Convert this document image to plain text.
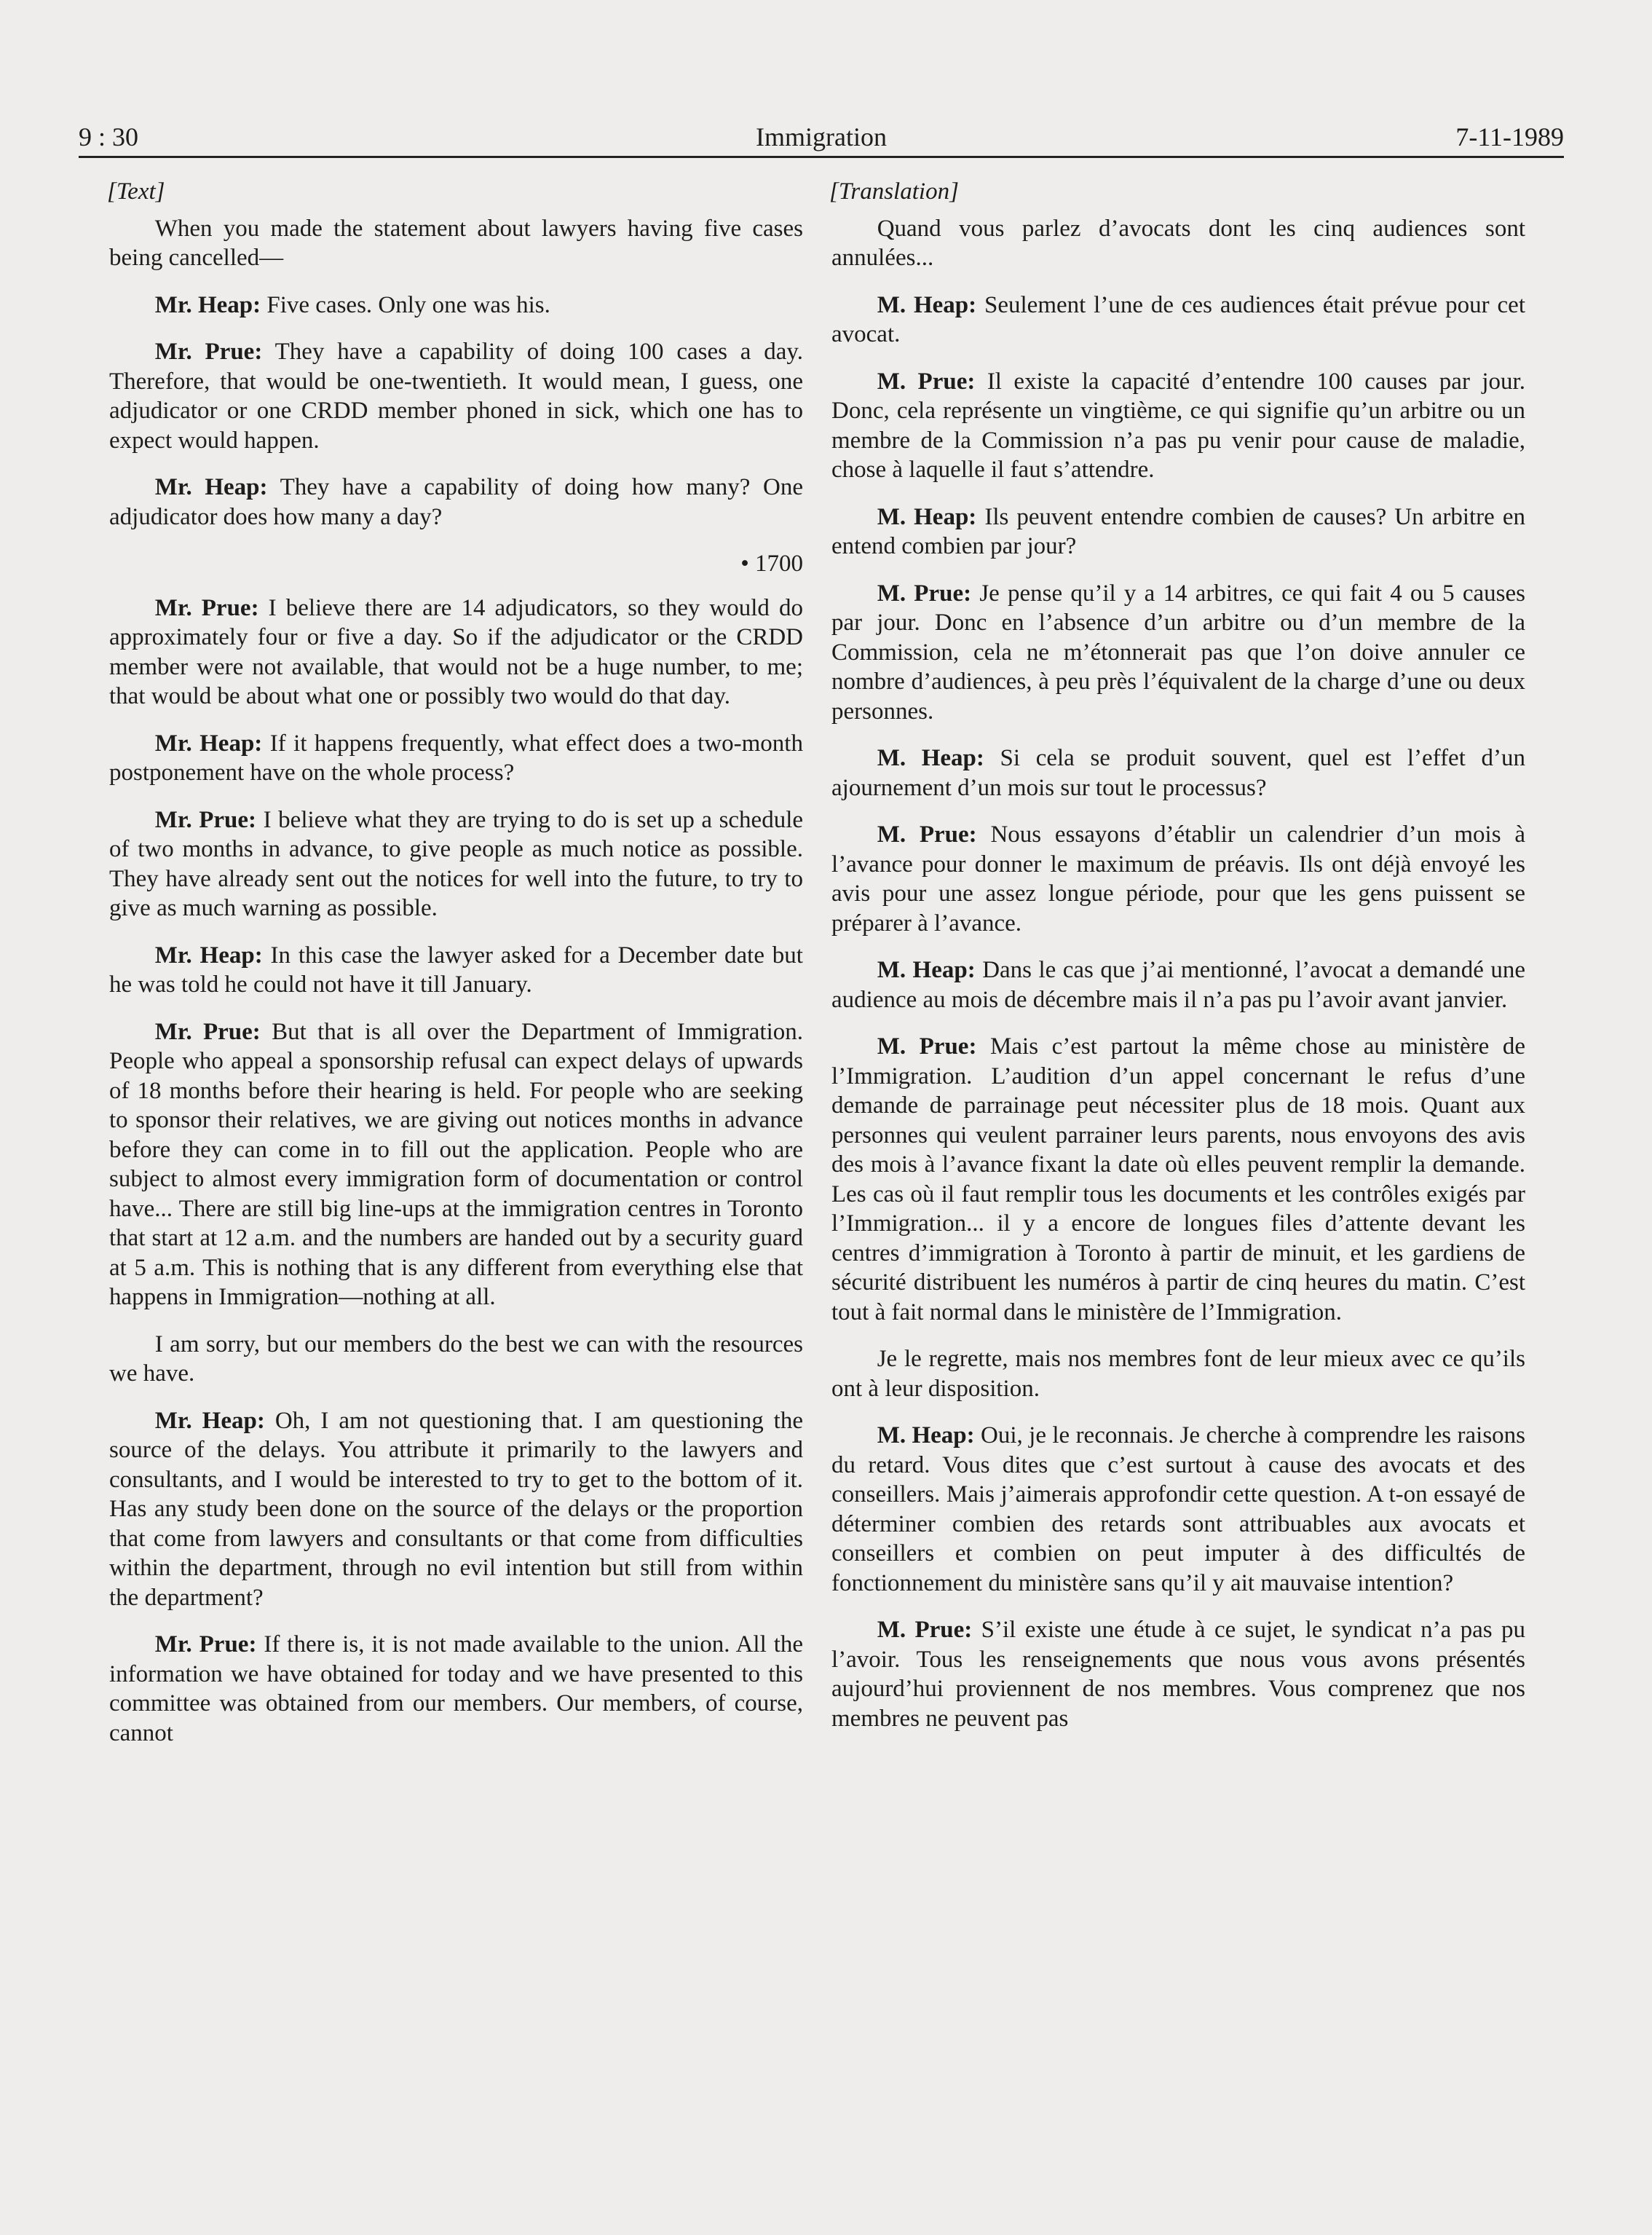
9 : 30	Immigration	7-11-1989
[Text]

When you made the statement about lawyers having five cases being cancelled—

Mr. Heap: Five cases. Only one was his.

Mr. Prue: They have a capability of doing 100 cases a day. Therefore, that would be one-twentieth. It would mean, I guess, one adjudicator or one CRDD member phoned in sick, which one has to expect would happen.

Mr. Heap: They have a capability of doing how many? One adjudicator does how many a day?

• 1700

Mr. Prue: I believe there are 14 adjudicators, so they would do approximately four or five a day. So if the adjudicator or the CRDD member were not available, that would not be a huge number, to me; that would be about what one or possibly two would do that day.

Mr. Heap: If it happens frequently, what effect does a two-month postponement have on the whole process?

Mr. Prue: I believe what they are trying to do is set up a schedule of two months in advance, to give people as much notice as possible. They have already sent out the notices for well into the future, to try to give as much warning as possible.

Mr. Heap: In this case the lawyer asked for a December date but he was told he could not have it till January.

Mr. Prue: But that is all over the Department of Immigration. People who appeal a sponsorship refusal can expect delays of upwards of 18 months before their hearing is held. For people who are seeking to sponsor their relatives, we are giving out notices months in advance before they can come in to fill out the application. People who are subject to almost every immigration form of documentation or control have... There are still big line-ups at the immigration centres in Toronto that start at 12 a.m. and the numbers are handed out by a security guard at 5 a.m. This is nothing that is any different from everything else that happens in Immigration—nothing at all.

I am sorry, but our members do the best we can with the resources we have.

Mr. Heap: Oh, I am not questioning that. I am questioning the source of the delays. You attribute it primarily to the lawyers and consultants, and I would be interested to try to get to the bottom of it. Has any study been done on the source of the delays or the proportion that come from lawyers and consultants or that come from difficulties within the department, through no evil intention but still from within the department?

Mr. Prue: If there is, it is not made available to the union. All the information we have obtained for today and we have presented to this committee was obtained from our members. Our members, of course, cannot

[Translation]

Quand vous parlez d’avocats dont les cinq audiences sont annulées...

M. Heap: Seulement l’une de ces audiences était prévue pour cet avocat.

M. Prue: Il existe la capacité d’entendre 100 causes par jour. Donc, cela représente un vingtième, ce qui signifie qu’un arbitre ou un membre de la Commission n’a pas pu venir pour cause de maladie, chose à laquelle il faut s’attendre.

M. Heap: Ils peuvent entendre combien de causes? Un arbitre en entend combien par jour?

M. Prue: Je pense qu’il y a 14 arbitres, ce qui fait 4 ou 5 causes par jour. Donc en l’absence d’un arbitre ou d’un membre de la Commission, cela ne m’étonnerait pas que l’on doive annuler ce nombre d’audiences, à peu près l’équivalent de la charge d’une ou deux personnes.

M. Heap: Si cela se produit souvent, quel est l’effet d’un ajournement d’un mois sur tout le processus?

M. Prue: Nous essayons d’établir un calendrier d’un mois à l’avance pour donner le maximum de préavis. Ils ont déjà envoyé les avis pour une assez longue période, pour que les gens puissent se préparer à l’avance.

M. Heap: Dans le cas que j’ai mentionné, l’avocat a demandé une audience au mois de décembre mais il n’a pas pu l’avoir avant janvier.

M. Prue: Mais c’est partout la même chose au ministère de l’Immigration. L’audition d’un appel concernant le refus d’une demande de parrainage peut nécessiter plus de 18 mois. Quant aux personnes qui veulent parrainer leurs parents, nous envoyons des avis des mois à l’avance fixant la date où elles peuvent remplir la demande. Les cas où il faut remplir tous les documents et les contrôles exigés par l’Immigration... il y a encore de longues files d’attente devant les centres d’immigration à Toronto à partir de minuit, et les gardiens de sécurité distribuent les numéros à partir de cinq heures du matin. C’est tout à fait normal dans le ministère de l’Immigration.

Je le regrette, mais nos membres font de leur mieux avec ce qu’ils ont à leur disposition.

M. Heap: Oui, je le reconnais. Je cherche à comprendre les raisons du retard. Vous dites que c’est surtout à cause des avocats et des conseillers. Mais j’aimerais approfondir cette question. A t-on essayé de déterminer combien des retards sont attribuables aux avocats et conseillers et combien on peut imputer à des difficultés de fonctionnement du ministère sans qu’il y ait mauvaise intention?

M. Prue: S’il existe une étude à ce sujet, le syndicat n’a pas pu l’avoir. Tous les renseignements que nous vous avons présentés aujourd’hui proviennent de nos membres. Vous comprenez que nos membres ne peuvent pas
